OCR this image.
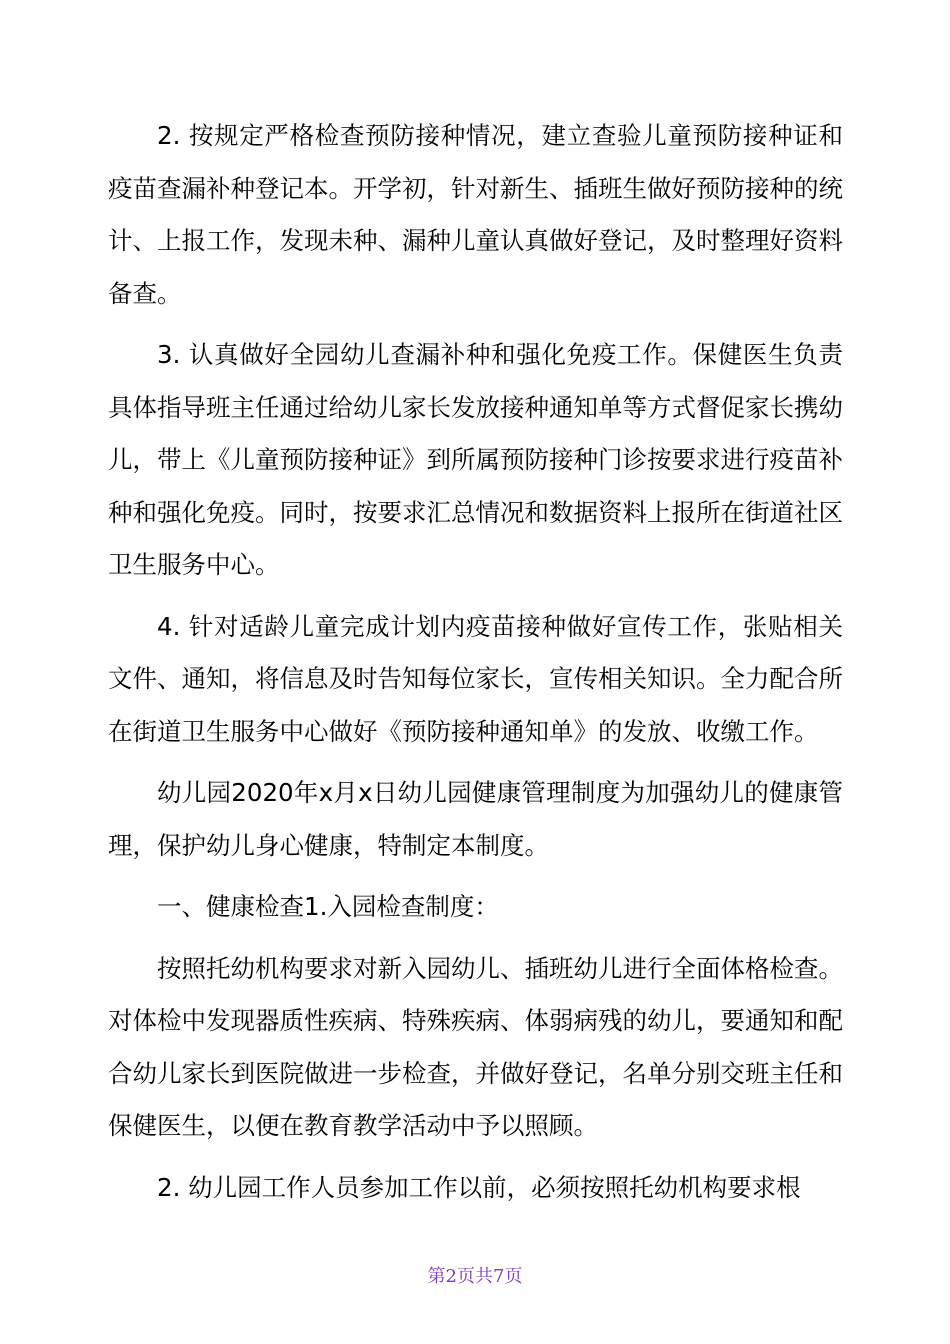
2. 按规定严格检查预防接种情况，建立查验儿童预防接种证和疫苗查漏补种登记本。开学初，针对新生、插班生做好预防接种的统计、上报工作，发现未种、漏种儿童认真做好登记，及时整理好资料备查。

3. 认真做好全园幼儿查漏补种和强化免疫工作。保健医生负责具体指导班主任通过给幼儿家长发放接种通知单等方式督促家长携幼儿，带上《儿童预防接种证》到所属预防接种门诊按要求进行疫苗补种和强化免疫。同时，按要求汇总情况和数据资料上报所在街道社区卫生服务中心。

4. 针对适龄儿童完成计划内疫苗接种做好宣传工作，张贴相关文件、通知，将信息及时告知每位家长，宣传相关知识。全力配合所在街道卫生服务中心做好《预防接种通知单》的发放、收缴工作。

幼儿园2020年x月x日幼儿园健康管理制度为加强幼儿的健康管理，保护幼儿身心健康，特制定本制度。

一、健康检查1.入园检查制度：

按照托幼机构要求对新入园幼儿、插班幼儿进行全面体格检查。对体检中发现器质性疾病、特殊疾病、体弱病残的幼儿，要通知和配合幼儿家长到医院做进一步检查，并做好登记，名单分别交班主任和保健医生，以便在教育教学活动中予以照顾。

2. 幼儿园工作人员参加工作以前，必须按照托幼机构要求根

第2页共7页
